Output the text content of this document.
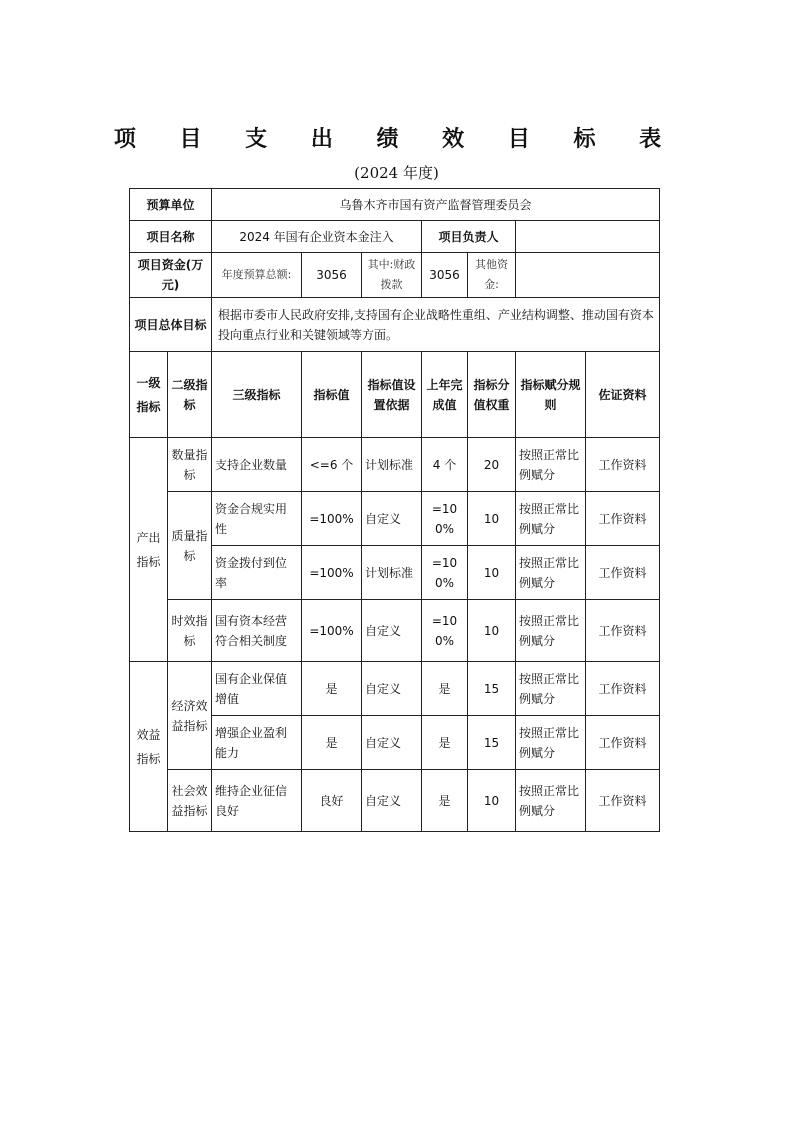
项 目 支 出 绩 效 目 标 表
(2024 年度)
预算单位		乌鲁木齐市国有资产监督管理委员会						
项目名称		2024 年国有企业资本金注入			项目负责人			
项目资金(万元)		年度预算总额:	3056	其中:财政拨款	3056	其他资金:		
项目总体目标		根据市委市人民政府安排,支持国有企业战略性重组、产业结构调整、推动国有资本投向重点行业和关键领域等方面。						
一级指标	二级指标	三级指标	指标值	指标值设置依据	上年完成值	指标分值权重	指标赋分规则	佐证资料
产出指标	数量指标	支持企业数量	<=6 个	计划标准	4 个	20	按照正常比例赋分	工作资料
	质量指标	资金合规实用性	=100%	自定义	=100%	10	按照正常比例赋分	工作资料
		资金拨付到位率	=100%	计划标准	=100%	10	按照正常比例赋分	工作资料
	时效指标	国有资本经营符合相关制度	=100%	自定义	=100%	10	按照正常比例赋分	工作资料
效益指标	经济效益指标	国有企业保值增值	是	自定义	是	15	按照正常比例赋分	工作资料
		增强企业盈利能力	是	自定义	是	15	按照正常比例赋分	工作资料
	社会效益指标	维持企业征信良好	良好	自定义	是	10	按照正常比例赋分	工作资料
